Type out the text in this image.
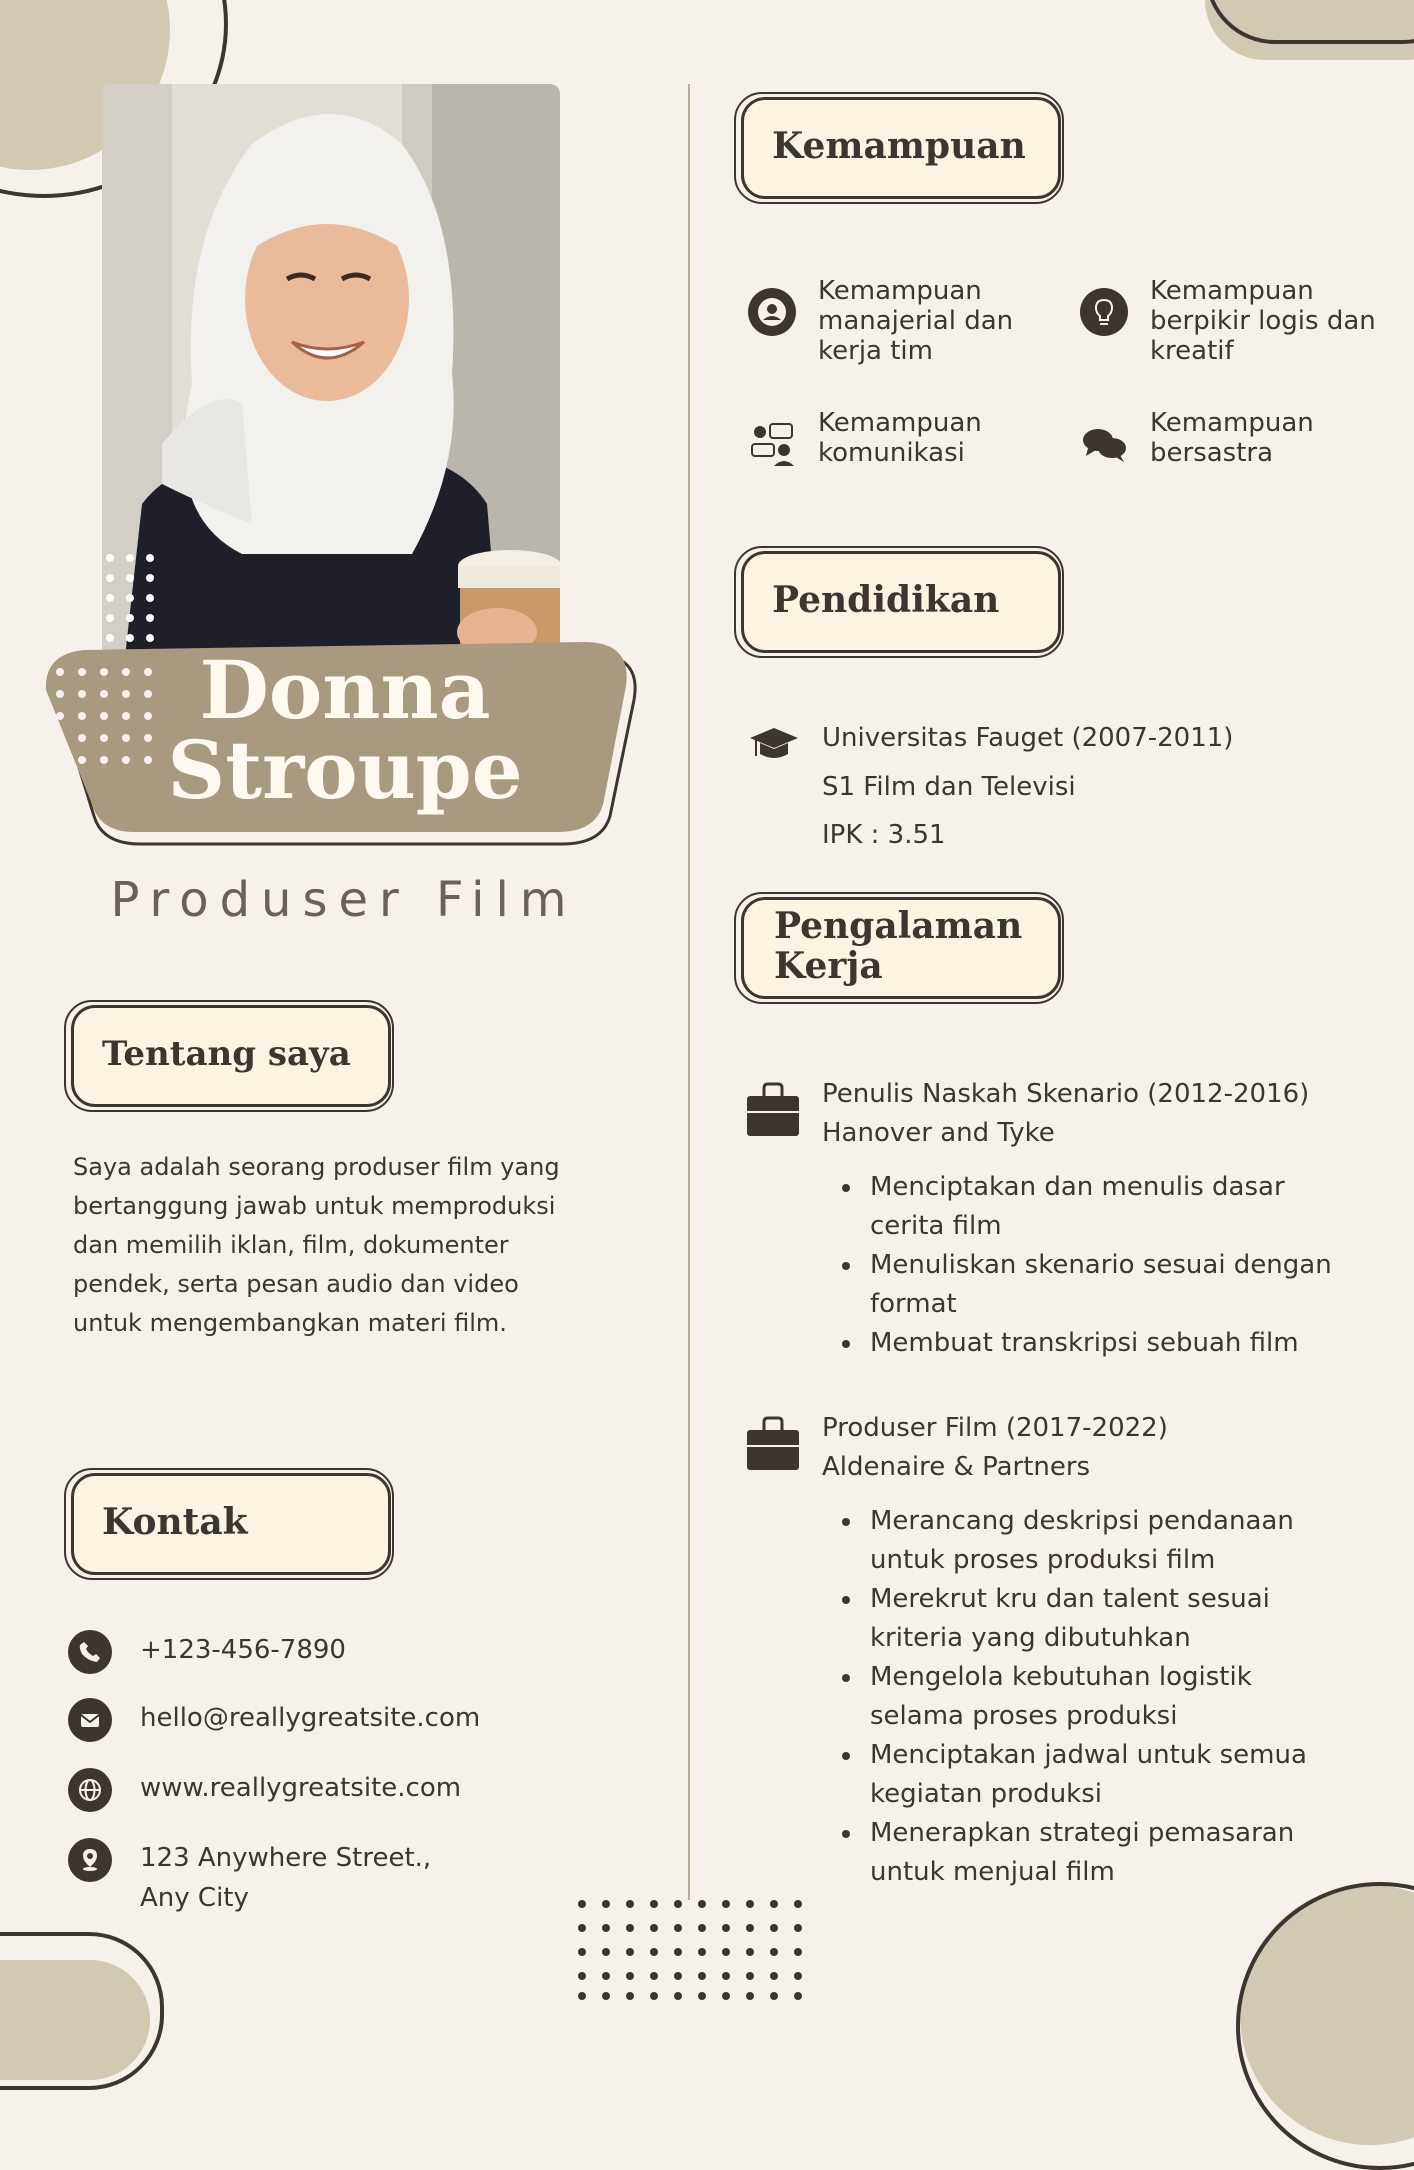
Donna
Stroupe
Produser Film
Tentang saya
Saya adalah seorang produser film yang bertanggung jawab untuk memproduksi dan memilih iklan, film, dokumenter pendek, serta pesan audio dan video untuk mengembangkan materi film.
Kontak
+123-456-7890
hello@reallygreatsite.com
www.reallygreatsite.com
123 Anywhere Street., Any City
Kemampuan
Kemampuan manajerial dan kerja tim
Kemampuan berpikir logis dan kreatif
Kemampuan komunikasi
Kemampuan bersastra
Pendidikan
Universitas Fauget (2007-2011)
S1 Film dan Televisi
IPK : 3.51
Pengalaman Kerja
Penulis Naskah Skenario (2012-2016)
Hanover and Tyke
Menciptakan dan menulis dasar cerita film
Menuliskan skenario sesuai dengan format
Membuat transkripsi sebuah film
Produser Film (2017-2022)
Aldenaire & Partners
Merancang deskripsi pendanaan untuk proses produksi film
Merekrut kru dan talent sesuai kriteria yang dibutuhkan
Mengelola kebutuhan logistik selama proses produksi
Menciptakan jadwal untuk semua kegiatan produksi
Menerapkan strategi pemasaran untuk menjual film
